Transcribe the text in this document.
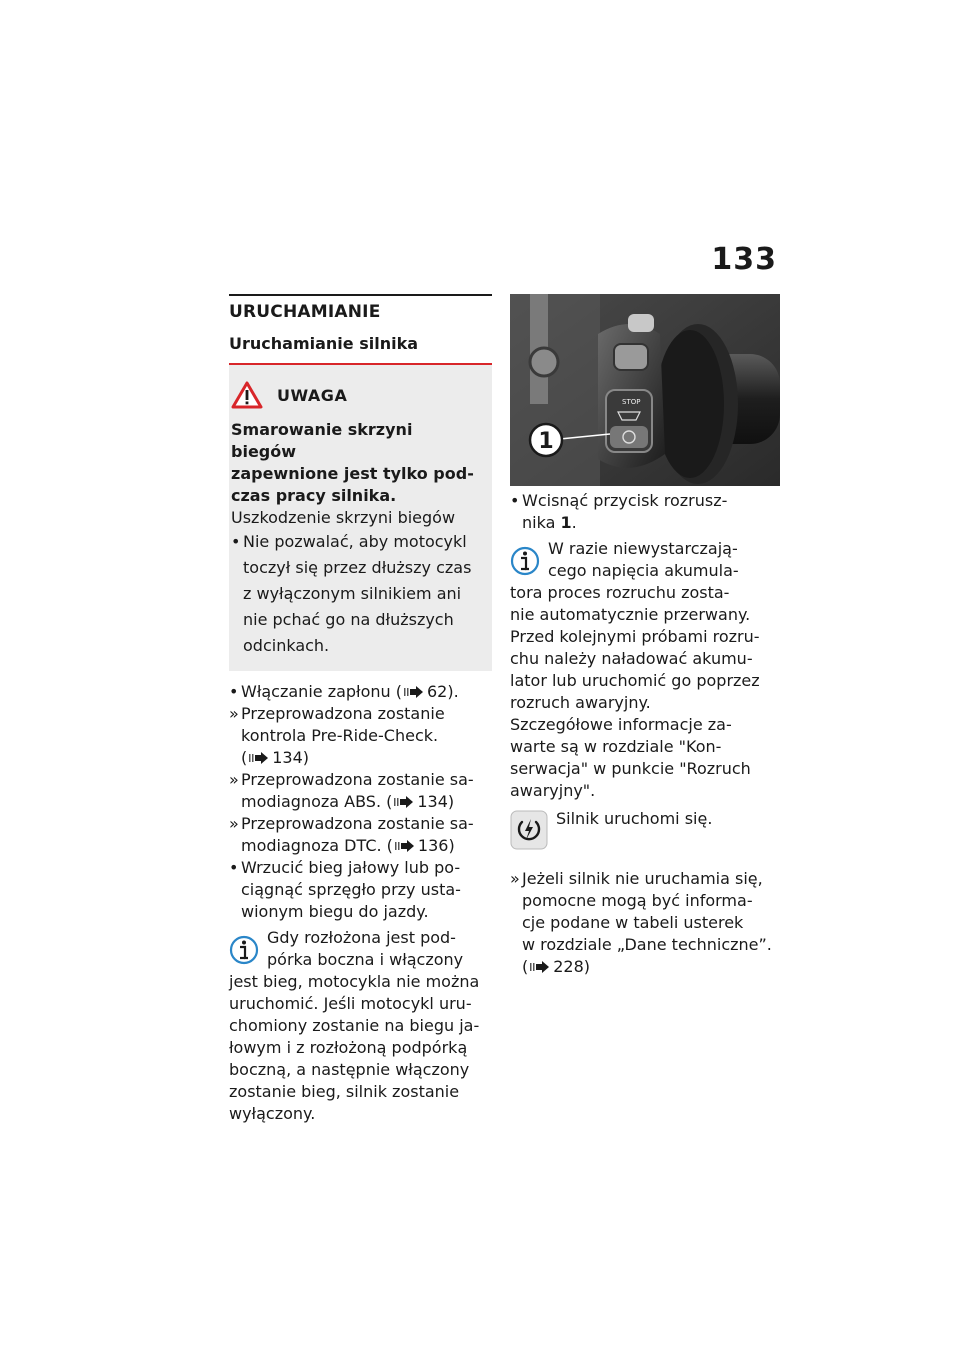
133
URUCHAMIANIE
Uruchamianie silnika
UWAGA
Smarowanie skrzyni biegów
zapewnione jest tylko pod-
czas pracy silnika.
Uszkodzenie skrzyni biegów
• Nie pozwalać, aby motocykl
toczył się przez dłuższy czas
z wyłączonym silnikiem ani
nie pchać go na dłuższych
odcinkach.
• Włączanie zapłonu ( 62).
» Przeprowadzona zostanie
kontrola Pre-Ride-Check.
( 134)
» Przeprowadzona zostanie sa-
modiagnoza ABS. ( 134)
» Przeprowadzona zostanie sa-
modiagnoza DTC. ( 136)
• Wrzucić bieg jałowy lub po-
ciągnąć sprzęgło przy usta-
wionym biegu do jazdy.
Gdy rozłożona jest pod-
pórka boczna i włączony
jest bieg, motocykla nie można
uruchomić. Jeśli motocykl uru-
chomiony zostanie na biegu ja-
łowym i z rozłożoną podpórką
boczną, a następnie włączony
zostanie bieg, silnik zostanie
wyłączony.
STOP
1
• Wcisnąć przycisk rozrusz-
nika 1.
W razie niewystarczają-
cego napięcia akumula-
tora proces rozruchu zosta-
nie automatycznie przerwany.
Przed kolejnymi próbami rozru-
chu należy naładować akumu-
lator lub uruchomić go poprzez
rozruch awaryjny.
Szczegółowe informacje za-
warte są w rozdziale "Kon-
serwacja" w punkcie "Rozruch
awaryjny".
Silnik uruchomi się.
» Jeżeli silnik nie uruchamia się,
pomocne mogą być informa-
cje podane w tabeli usterek
w rozdziale „Dane techniczne”.
( 228)
